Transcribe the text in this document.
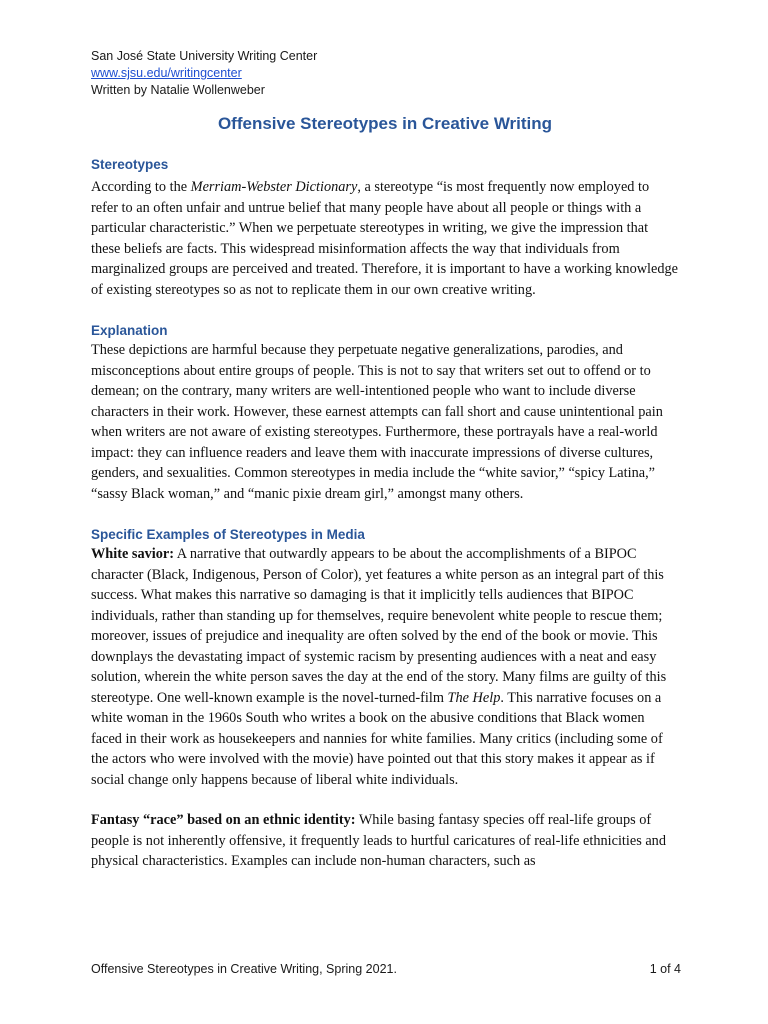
San José State University Writing Center
www.sjsu.edu/writingcenter
Written by Natalie Wollenweber
Offensive Stereotypes in Creative Writing
Stereotypes

According to the Merriam-Webster Dictionary, a stereotype “is most frequently now employed to refer to an often unfair and untrue belief that many people have about all people or things with a particular characteristic.” When we perpetuate stereotypes in writing, we give the impression that these beliefs are facts. This widespread misinformation affects the way that individuals from marginalized groups are perceived and treated. Therefore, it is important to have a working knowledge of existing stereotypes so as not to replicate them in our own creative writing.

Explanation

These depictions are harmful because they perpetuate negative generalizations, parodies, and misconceptions about entire groups of people. This is not to say that writers set out to offend or to demean; on the contrary, many writers are well-intentioned people who want to include diverse characters in their work. However, these earnest attempts can fall short and cause unintentional pain when writers are not aware of existing stereotypes. Furthermore, these portrayals have a real-world impact: they can influence readers and leave them with inaccurate impressions of diverse cultures, genders, and sexualities. Common stereotypes in media include the “white savior,” “spicy Latina,” “sassy Black woman,” and “manic pixie dream girl,” amongst many others.

Specific Examples of Stereotypes in Media

White savior: A narrative that outwardly appears to be about the accomplishments of a BIPOC character (Black, Indigenous, Person of Color), yet features a white person as an integral part of this success. What makes this narrative so damaging is that it implicitly tells audiences that BIPOC individuals, rather than standing up for themselves, require benevolent white people to rescue them; moreover, issues of prejudice and inequality are often solved by the end of the book or movie. This downplays the devastating impact of systemic racism by presenting audiences with a neat and easy solution, wherein the white person saves the day at the end of the story. Many films are guilty of this stereotype. One well-known example is the novel-turned-film The Help. This narrative focuses on a white woman in the 1960s South who writes a book on the abusive conditions that Black women faced in their work as housekeepers and nannies for white families. Many critics (including some of the actors who were involved with the movie) have pointed out that this story makes it appear as if social change only happens because of liberal white individuals.

Fantasy “race” based on an ethnic identity: While basing fantasy species off real-life groups of people is not inherently offensive, it frequently leads to hurtful caricatures of real-life ethnicities and physical characteristics. Examples can include non-human characters, such as

Offensive Stereotypes in Creative Writing, Spring 2021.	1 of 4
